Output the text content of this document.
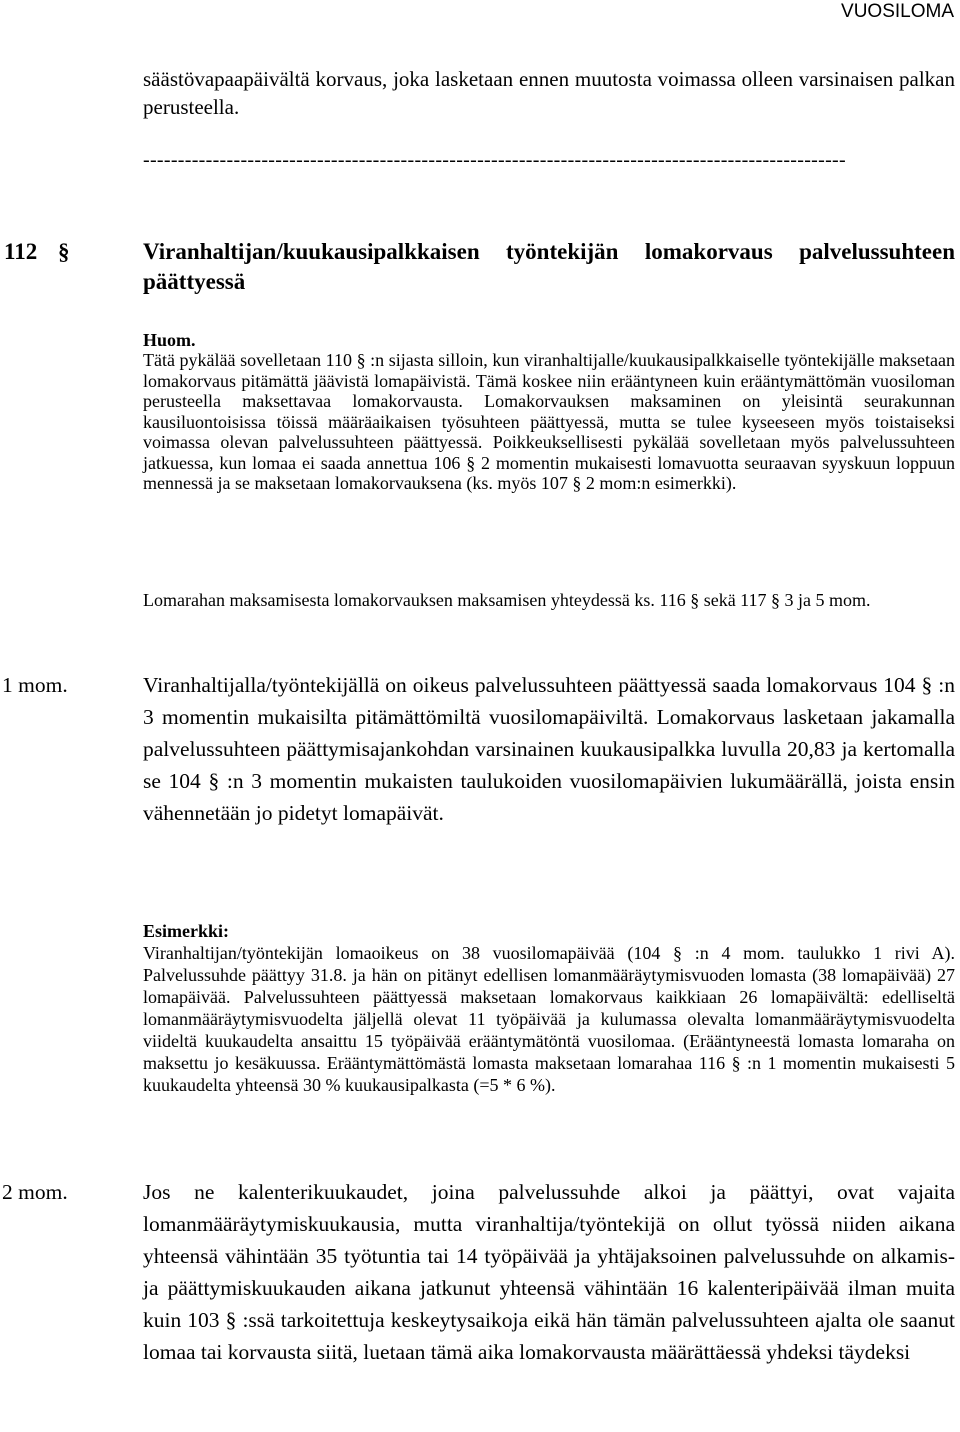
VUOSILOMA
säästövapaapäivältä korvaus, joka lasketaan ennen muutosta voimassa olleen varsinaisen palkan perusteella.
-----------------------------------------------------------------------------------------------------
112 §	Viranhaltijan/kuukausipalkkaisen työntekijän lomakorvaus palvelussuhteen päättyessä
Huom.
Tätä pykälää sovelletaan 110 § :n sijasta silloin, kun viranhaltijalle/kuukausipalkkaiselle työntekijälle maksetaan lomakorvaus pitämättä jäävistä lomapäivistä. Tämä koskee niin erääntyneen kuin erääntymättömän vuosiloman perusteella maksettavaa lomakorvausta. Lomakorvauksen maksaminen on yleisintä seurakunnan kausiluontoisissa töissä määräaikaisen työsuhteen päättyessä, mutta se tulee kyseeseen myös toistaiseksi voimassa olevan palvelussuhteen päättyessä. Poikkeuksellisesti pykälää sovelletaan myös palvelussuhteen jatkuessa, kun lomaa ei saada annettua 106 § 2 momentin mukaisesti lomavuotta seuraavan syyskuun loppuun mennessä ja se maksetaan lomakorvauksena (ks. myös 107 § 2 mom:n esimerkki).
Lomarahan maksamisesta lomakorvauksen maksamisen yhteydessä ks. 116 § sekä 117 § 3 ja 5 mom.
1 mom.	Viranhaltijalla/työntekijällä on oikeus palvelussuhteen päättyessä saada lomakorvaus 104 § :n 3 momentin mukaisilta pitämättömiltä vuosilomapäiviltä. Lomakorvaus lasketaan jakamalla palvelussuhteen päättymisajankohdan varsinainen kuukausipalkka luvulla 20,83 ja kertomalla se 104 § :n 3 momentin mukaisten taulukoiden vuosilomapäivien lukumäärällä, joista ensin vähennetään jo pidetyt lomapäivät.
Esimerkki:
Viranhaltijan/työntekijän lomaoikeus on 38 vuosilomapäivää (104 § :n 4 mom. taulukko 1 rivi A). Palvelussuhde päättyy 31.8. ja hän on pitänyt edellisen lomanmääräytymisvuoden lomasta (38 lomapäivää) 27 lomapäivää. Palvelussuhteen päättyessä maksetaan lomakorvaus kaikkiaan 26 lomapäivältä: edelliseltä lomanmääräytymisvuodelta jäljellä olevat 11 työpäivää ja kulumassa olevalta lomanmääräytymisvuodelta viideltä kuukaudelta ansaittu 15 työpäivää erääntymätöntä vuosilomaa. (Erääntyneestä lomasta lomaraha on maksettu jo kesäkuussa. Erääntymättömästä lomasta maksetaan lomarahaa 116 § :n 1 momentin mukaisesti 5 kuukaudelta yhteensä 30 % kuukausipalkasta (=5 * 6 %).
2 mom.	Jos ne kalenterikuukaudet, joina palvelussuhde alkoi ja päättyi, ovat vajaita lomanmääräytymiskuukausia, mutta viranhaltija/työntekijä on ollut työssä niiden aikana yhteensä vähintään 35 työtuntia tai 14 työpäivää ja yhtäjaksoinen palvelussuhde on alkamis- ja päättymiskuukauden aikana jatkunut yhteensä vähintään 16 kalenteripäivää ilman muita kuin 103 § :ssä tarkoitettuja keskeytysaikoja eikä hän tämän palvelussuhteen ajalta ole saanut lomaa tai korvausta siitä, luetaan tämä aika lomakorvausta määrättäessä yhdeksi täydeksi
